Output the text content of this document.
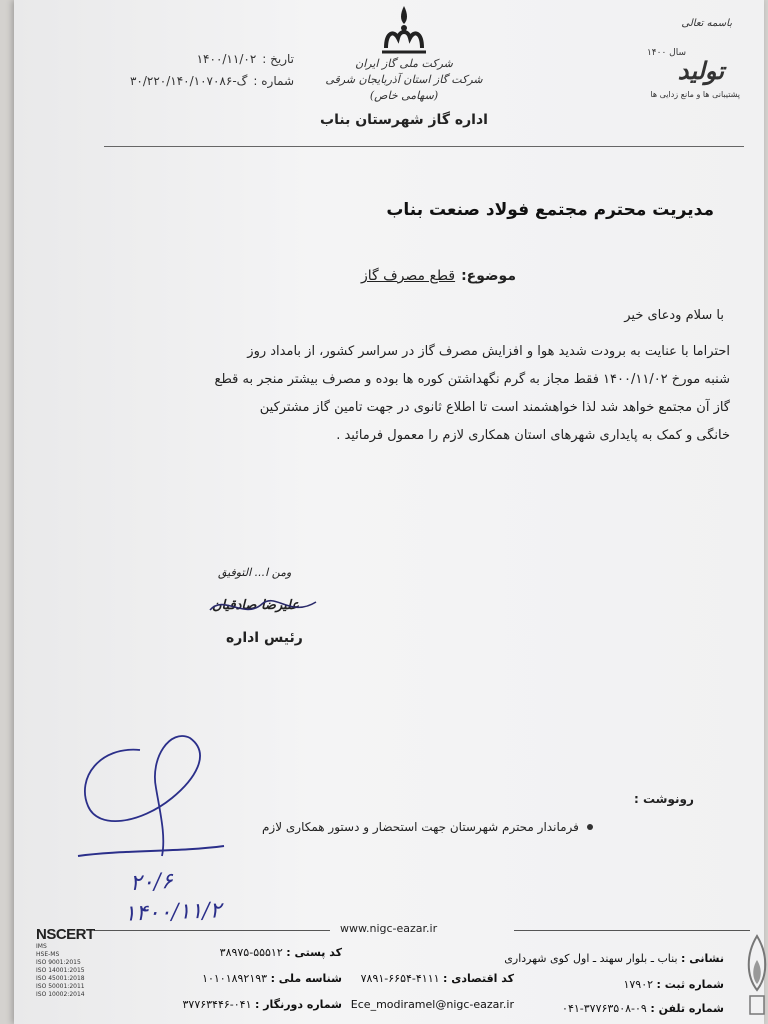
تاریخ :
۱۴۰۰/۱۱/۰۲
شماره :
گ-۳۰/۲۲۰/۱۴۰/۱۰۷۰۸۶
شرکت ملی گاز ایران
شرکت گاز استان آذربایجان شرقی (سهامی خاص)
اداره گاز شهرستان بناب
باسمه تعالی
سال ۱۴۰۰
تولید
پشتیبانی ها و مانع زدایی ها
مدیریت محترم مجتمع فولاد صنعت بناب
موضوع:
قطع مصرف گاز
با سلام ودعای خیر
احتراما با عنایت به برودت شدید هوا و افزایش مصرف گاز در سراسر کشور، از بامداد روز
شنبه مورخ ۱۴۰۰/۱۱/۰۲ فقط مجاز به گرم نگهداشتن کوره ها بوده و مصرف بیشتر منجر به قطع
گاز آن مجتمع خواهد شد لذا خواهشمند است تا اطلاع ثانوی در جهت تامین گاز مشترکین
خانگی و کمک به پایداری شهرهای استان همکاری لازم را معمول فرمائید .
ومن ا... التوفیق
علیرضا صادقیان
رئیس اداره
۲۰/۶
۱۴۰۰/۱۱/۲
رونوشت :
فرماندار محترم شهرستان جهت استحضار و دستور همکاری لازم
www.nigc-eazar.ir
نشانی : بناب ـ بلوار سهند ـ اول کوی شهرداری
شماره ثبت : ۱۷۹۰۲
شماره تلفن : ۰۹-۳۷۷۶۳۵۰۸-۰۴۱
کد پستی : ۵۵۵۱۲-۳۸۹۷۵
کد اقتصادی : ۴۱۱۱-۶۶۵۴-۷۸۹۱
Ece_modiramel@nigc-eazar.ir
شناسه ملی : ۱۰۱۰۱۸۹۲۱۹۳
شماره دورنگار : ۰۴۱-۳۷۷۶۳۴۴۶
NSCERT
IMS
HSE-MS
ISO 9001:2015
ISO 14001:2015
ISO 45001:2018
ISO 50001:2011
ISO 10002:2014
